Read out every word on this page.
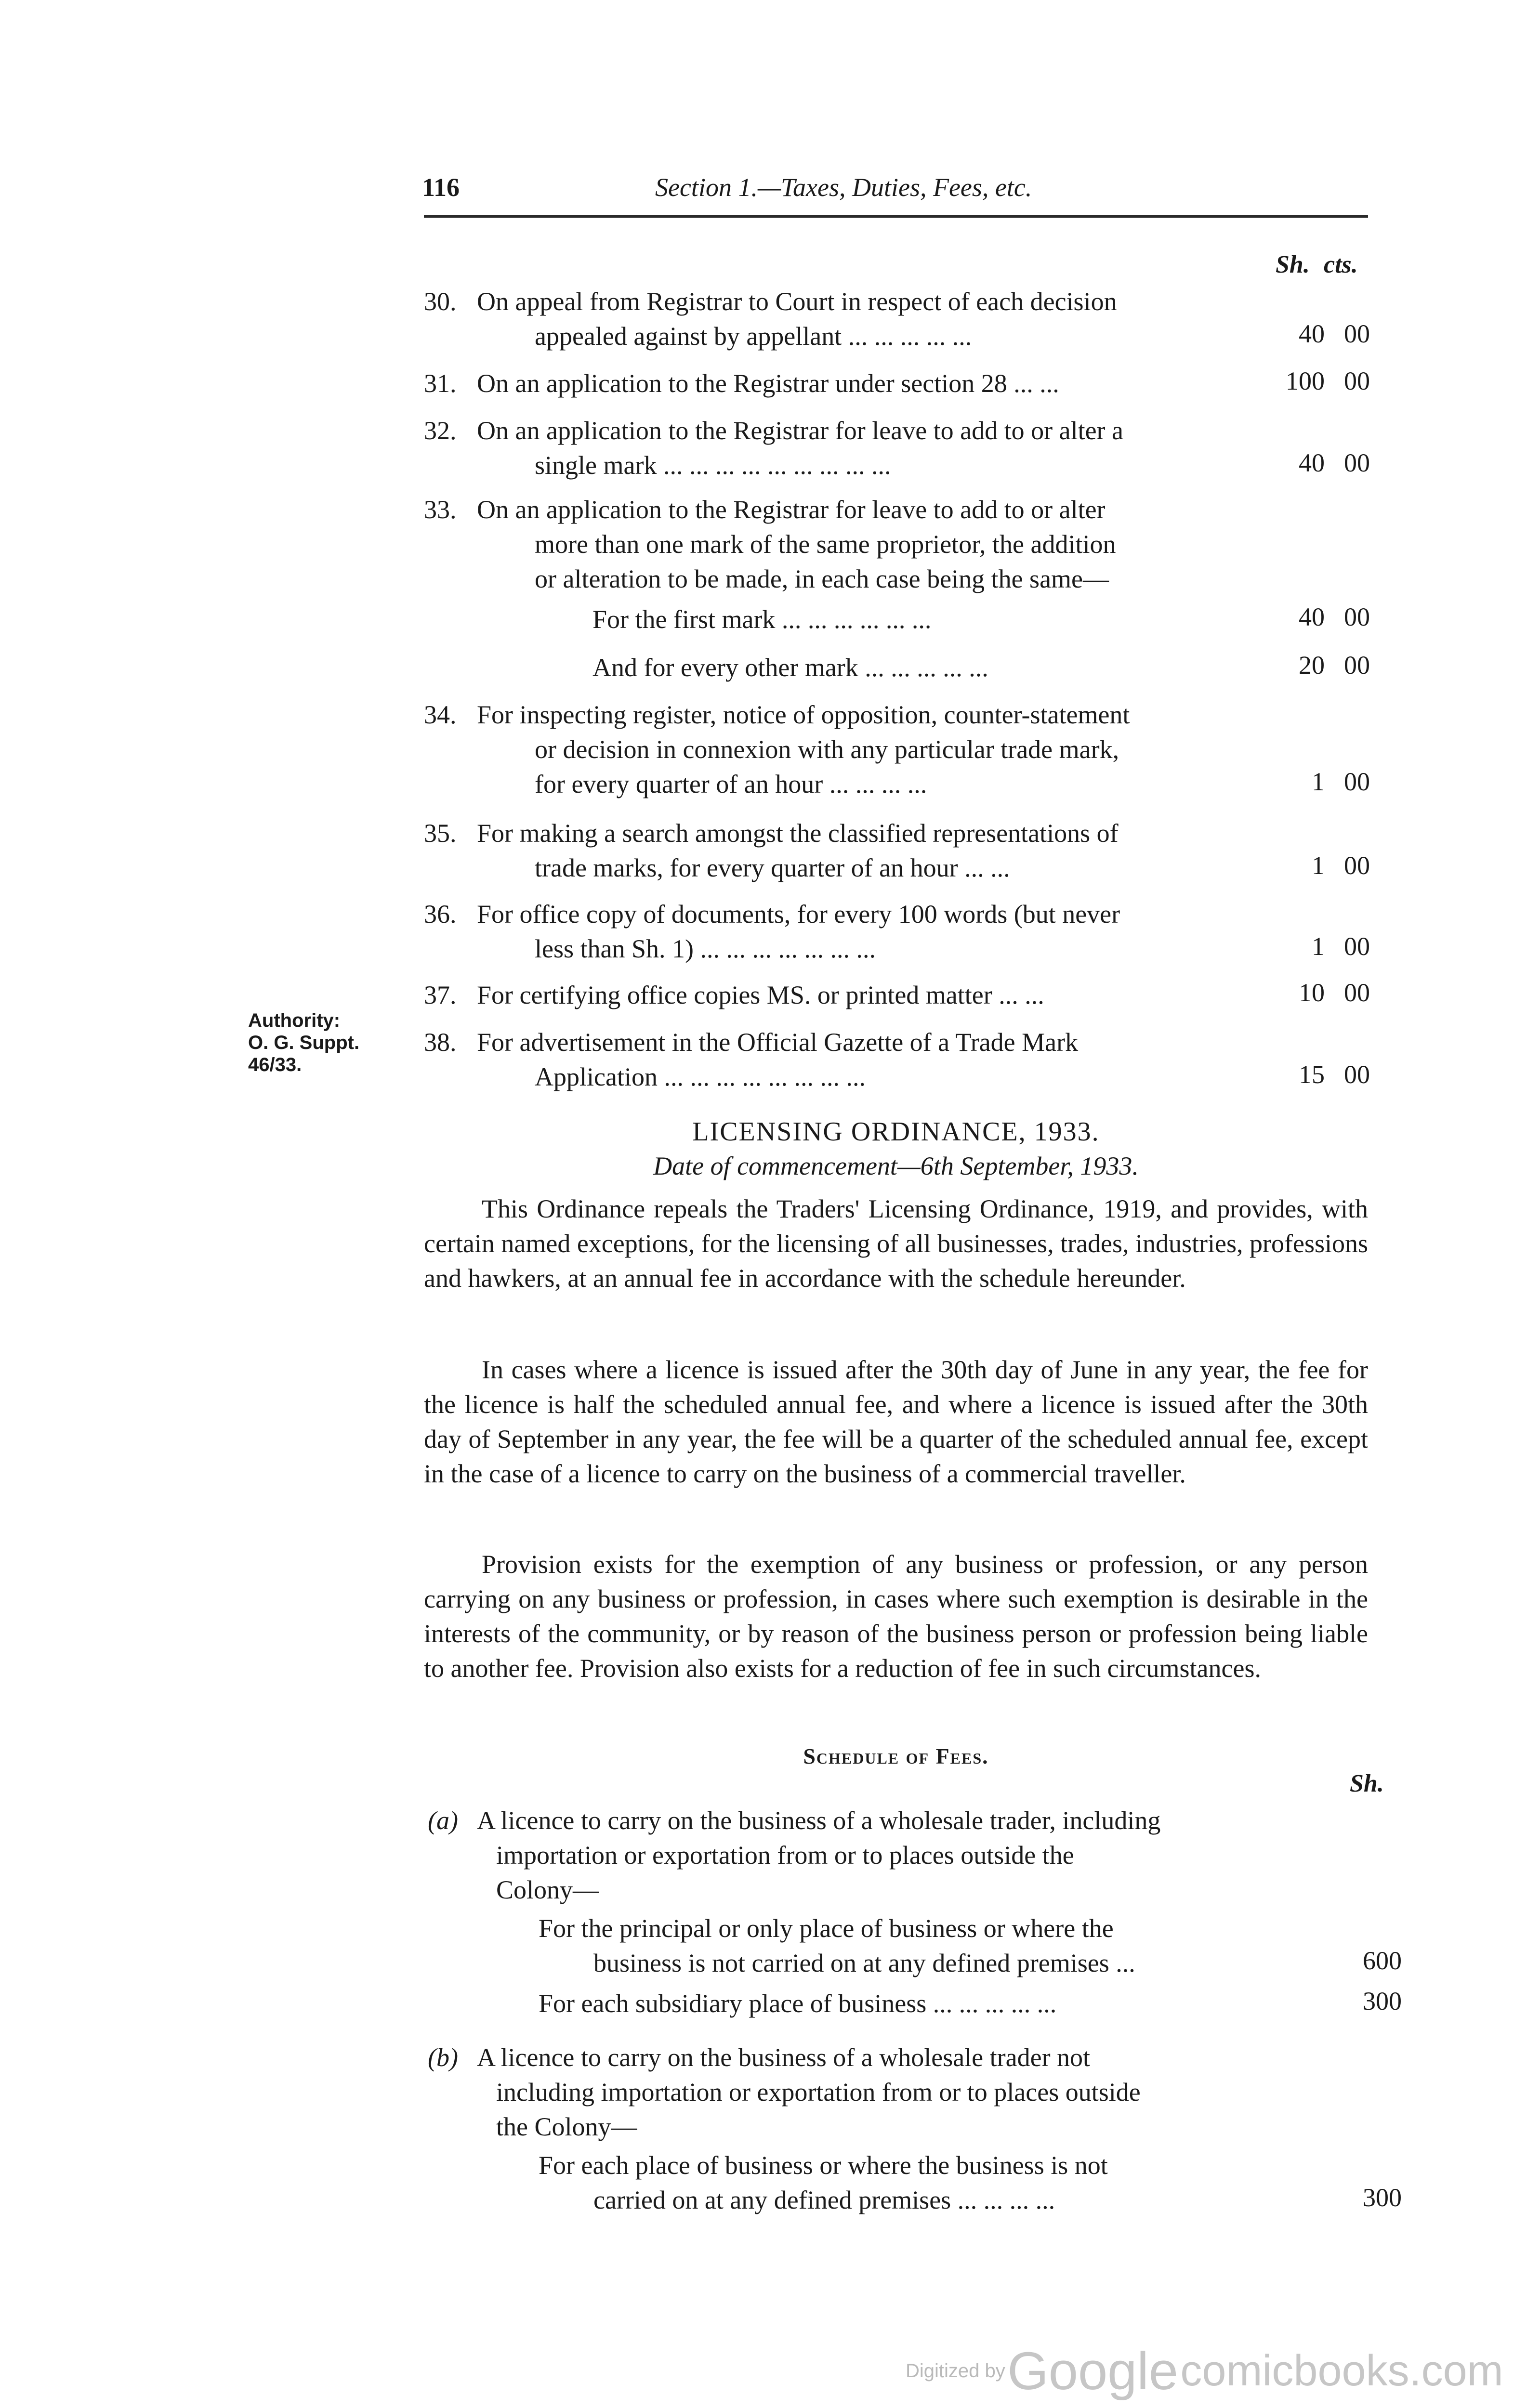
116	Section 1.—Taxes, Duties, Fees, etc.
Sh. cts.
30. On appeal from Registrar to Court in respect of each decision
appealed against by appellant ... ... ... ... ...	40 00
31. On an application to the Registrar under section 28 ... ...	100 00
32. On an application to the Registrar for leave to add to or alter a
single mark ... ... ... ... ... ... ... ... ...	40 00
33. On an application to the Registrar for leave to add to or alter
more than one mark of the same proprietor, the addition
or alteration to be made, in each case being the same—
For the first mark ... ... ... ... ... ...	40 00
And for every other mark ... ... ... ... ...	20 00
34. For inspecting register, notice of opposition, counter-statement
or decision in connexion with any particular trade mark,
for every quarter of an hour ... ... ... ...	1 00
35. For making a search amongst the classified representations of
trade marks, for every quarter of an hour ... ...	1 00
36. For office copy of documents, for every 100 words (but never
less than Sh. 1) ... ... ... ... ... ... ...	1 00
37. For certifying office copies MS. or printed matter ... ...	10 00
Authority:
O. G. Suppt.
46/33.
38. For advertisement in the Official Gazette of a Trade Mark
Application ... ... ... ... ... ... ... ...	15 00
LICENSING ORDINANCE, 1933.
Date of commencement—6th September, 1933.
This Ordinance repeals the Traders' Licensing Ordinance, 1919, and provides, with certain named exceptions, for the licensing of all businesses, trades, industries, professions and hawkers, at an annual fee in accordance with the schedule hereunder.
In cases where a licence is issued after the 30th day of June in any year, the fee for the licence is half the scheduled annual fee, and where a licence is issued after the 30th day of September in any year, the fee will be a quarter of the scheduled annual fee, except in the case of a licence to carry on the business of a commercial traveller.
Provision exists for the exemption of any business or profession, or any person carrying on any business or profession, in cases where such exemption is desirable in the interests of the community, or by reason of the business person or profession being liable to another fee. Provision also exists for a reduction of fee in such circumstances.
Schedule of Fees.
Sh.
(a) A licence to carry on the business of a wholesale trader, including
importation or exportation from or to places outside the
Colony—
For the principal or only place of business or where the
business is not carried on at any defined premises ...	600
For each subsidiary place of business ... ... ... ... ...	300
(b) A licence to carry on the business of a wholesale trader not
including importation or exportation from or to places outside
the Colony—
For each place of business or where the business is not
carried on at any defined premises ... ... ... ...	300
Digitized by Google comicbooks.com
